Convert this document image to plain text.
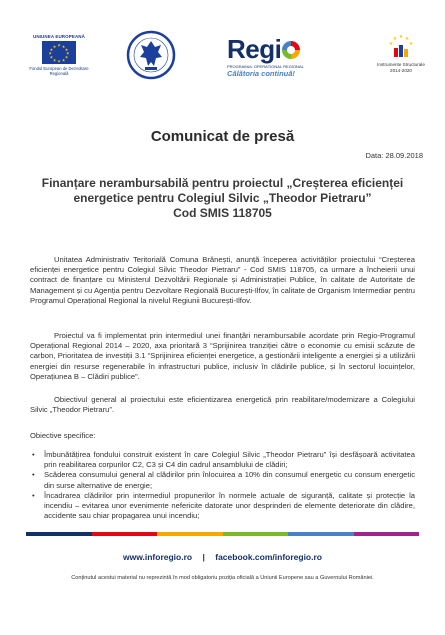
UNIUNEA EUROPEANĂ
★ ★
★
★
★
★
★
★
★
★
★
★
Fondul European de Dezvoltare Regională
Regi
PROGRAMUL OPERAȚIONAL REGIONAL
Călătoria continuă!
★ ★
★
★
★
Instrumente Structurale 2014-2020
Comunicat de presă
Data: 28.09.2018
Finanțare nerambursabilă pentru proiectul „Creșterea eficienței
energetice pentru Colegiul Silvic „Theodor Pietraru”
Cod SMIS 118705
Unitatea Administrativ Teritorială Comuna Brănești, anunță începerea activităților proiectului “Creșterea eficienței energetice pentru Colegiul Silvic Theodor Pietraru” - Cod SMIS 118705, ca urmare a încheierii unui contract de finanțare cu Ministerul Dezvoltării Regionale și Administrației Publice, în calitate de Autoritate de Management și cu Agenția pentru Dezvoltare Regională București-Ilfov, în calitate de Organism Intermediar pentru Programul Operațional Regional la nivelul Regiunii București-Ilfov.
Proiectul va fi implementat prin intermediul unei finanțări nerambursabile acordate prin Regio-Programul Operațional Regional 2014 – 2020, axa prioritară 3 “Sprijinirea tranziției către o economie cu emisii scăzute de carbon, Prioritatea de investiții 3.1 “Sprijinirea eficienței energetice, a gestionării inteligente a energiei și a utilizării energiei din resurse regenerabile în infrastructuri publice, inclusiv în clădirile publice, și în sectorul locuințelor, Operațiunea B – Clădiri publice”.
Obiectivul general al proiectului este eficientizarea energetică prin reabilitare/modernizare a Colegiului Silvic „Theodor Pietraru”.
Obiective specifice:
• Îmbunătățirea fondului construit existent în care Colegiul Silvic „Theodor Pietraru” își desfășoară activitatea prin reabilitarea corpurilor C2, C3 și C4 din cadrul ansamblului de clădiri;
• Scăderea consumului general al clădirilor prin înlocuirea a 10% din consumul energetic cu consum energetic din surse alternative de energie;
• Încadrarea clădirilor prin intermediul propunerilor în normele actuale de siguranță, calitate și protecție la incendiu – evitarea unor evenimente nefericite datorate unor desprinderi de elemente deteriorate din clădire, accidente sau chiar propagarea unui incendiu;
www.inforegio.ro | facebook.com/inforegio.ro
Conținutul acestui material nu reprezintă în mod obligatoriu poziția oficială a Uniunii Europene sau a Guvernului României.
